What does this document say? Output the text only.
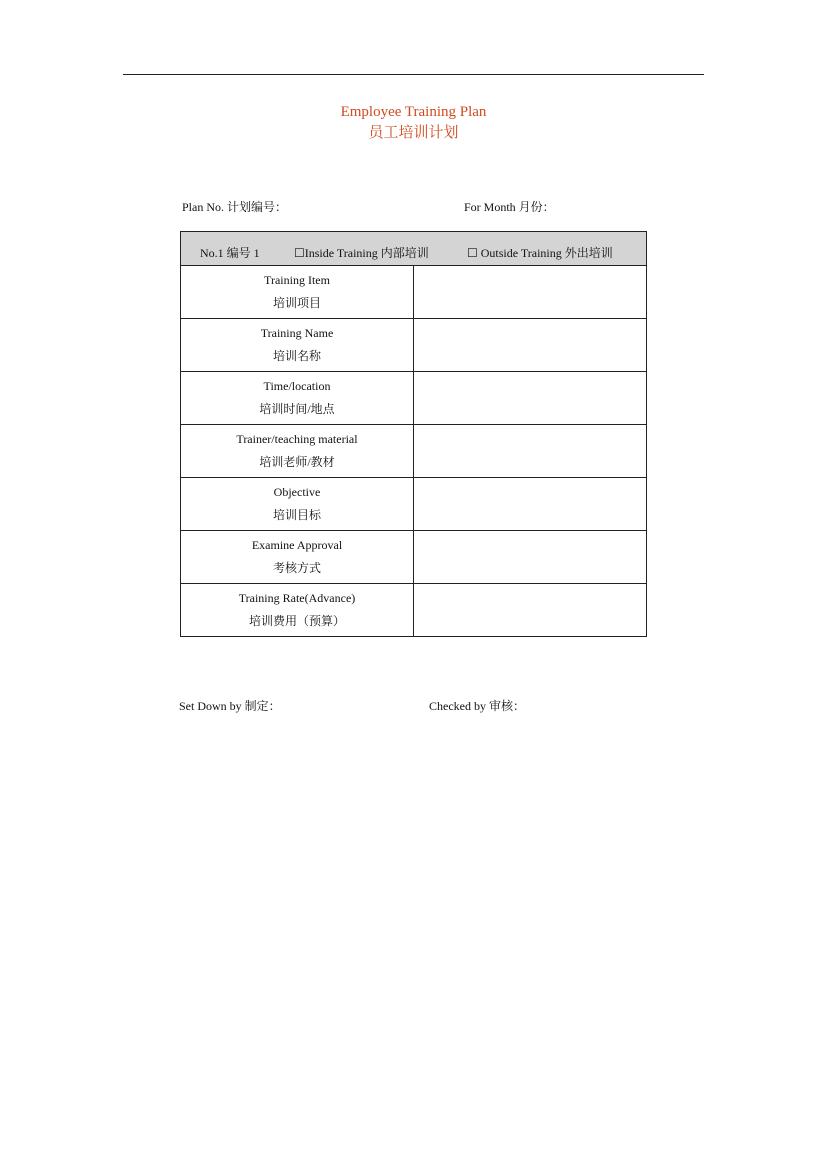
Employee Training Plan
员工培训计划
Plan No. 计划编号：	For Month 月份：
No.1 编号 1 ☐Inside Training 内部培训 ☐ Outside Training 外出培训	

Training Item
培训项目	

Training Name
培训名称	

Time/location
培训时间/地点	

Trainer/teaching material
培训老师/教材	

Objective
培训目标	

Examine Approval
考核方式	

Training Rate(Advance)
培训费用（预算）	

Set Down by 制定：	Checked by 审核：
